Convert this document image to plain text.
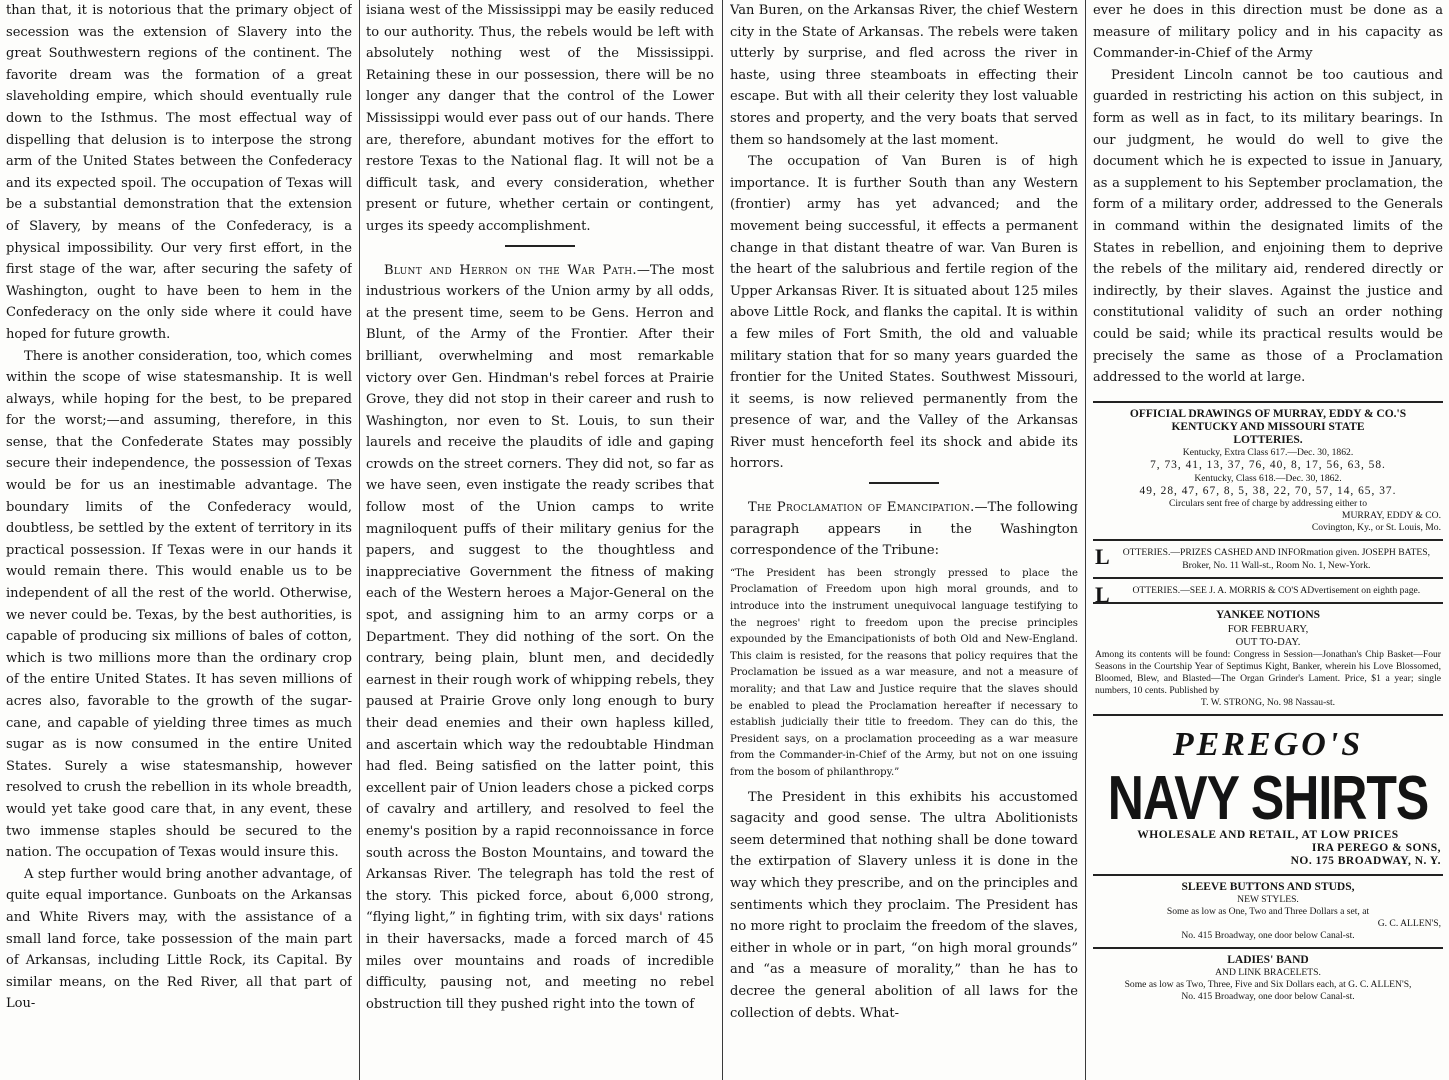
than that, it is notorious that the primary object of secession was the extension of Slavery into the great Southwestern regions of the continent. The favorite dream was the formation of a great slaveholding empire, which should eventually rule down to the Isthmus. The most effectual way of dispelling that delusion is to interpose the strong arm of the United States between the Confederacy and its expected spoil. The occupation of Texas will be a substantial demonstration that the extension of Slavery, by means of the Confederacy, is a physical impossibility. Our very first effort, in the first stage of the war, after securing the safety of Washington, ought to have been to hem in the Confederacy on the only side where it could have hoped for future growth.

There is another consideration, too, which comes within the scope of wise statesmanship. It is well always, while hoping for the best, to be prepared for the worst;—and assuming, therefore, in this sense, that the Confederate States may possibly secure their independence, the possession of Texas would be for us an inestimable advantage. The boundary limits of the Confederacy would, doubtless, be settled by the extent of territory in its practical possession. If Texas were in our hands it would remain there. This would enable us to be independent of all the rest of the world. Otherwise, we never could be. Texas, by the best authorities, is capable of producing six millions of bales of cotton, which is two millions more than the ordinary crop of the entire United States. It has seven millions of acres also, favorable to the growth of the sugar-cane, and capable of yielding three times as much sugar as is now consumed in the entire United States. Surely a wise statesmanship, however resolved to crush the rebellion in its whole breadth, would yet take good care that, in any event, these two immense staples should be secured to the nation. The occupation of Texas would insure this.

A step further would bring another advantage, of quite equal importance. Gunboats on the Arkansas and White Rivers may, with the assistance of a small land force, take possession of the main part of Arkansas, including Little Rock, its Capital. By similar means, on the Red River, all that part of Lou-

isiana west of the Mississippi may be easily reduced to our authority. Thus, the rebels would be left with absolutely nothing west of the Mississippi. Retaining these in our possession, there will be no longer any danger that the control of the Lower Mississippi would ever pass out of our hands. There are, therefore, abundant motives for the effort to restore Texas to the National flag. It will not be a difficult task, and every consideration, whether present or future, whether certain or contingent, urges its speedy accomplishment.

Blunt and Herron on the War Path.—The most industrious workers of the Union army by all odds, at the present time, seem to be Gens. Herron and Blunt, of the Army of the Frontier. After their brilliant, overwhelming and most remarkable victory over Gen. Hindman's rebel forces at Prairie Grove, they did not stop in their career and rush to Washington, nor even to St. Louis, to sun their laurels and receive the plaudits of idle and gaping crowds on the street corners. They did not, so far as we have seen, even instigate the ready scribes that follow most of the Union camps to write magniloquent puffs of their military genius for the papers, and suggest to the thoughtless and inappreciative Government the fitness of making each of the Western heroes a Major-General on the spot, and assigning him to an army corps or a Department. They did nothing of the sort. On the contrary, being plain, blunt men, and decidedly earnest in their rough work of whipping rebels, they paused at Prairie Grove only long enough to bury their dead enemies and their own hapless killed, and ascertain which way the redoubtable Hindman had fled. Being satisfied on the latter point, this excellent pair of Union leaders chose a picked corps of cavalry and artillery, and resolved to feel the enemy's position by a rapid reconnoissance in force south across the Boston Mountains, and toward the Arkansas River. The telegraph has told the rest of the story. This picked force, about 6,000 strong, “flying light,” in fighting trim, with six days' rations in their haversacks, made a forced march of 45 miles over mountains and roads of incredible difficulty, pausing not, and meeting no rebel obstruction till they pushed right into the town of

Van Buren, on the Arkansas River, the chief Western city in the State of Arkansas. The rebels were taken utterly by surprise, and fled across the river in haste, using three steamboats in effecting their escape. But with all their celerity they lost valuable stores and property, and the very boats that served them so handsomely at the last moment.

The occupation of Van Buren is of high importance. It is further South than any Western (frontier) army has yet advanced; and the movement being successful, it effects a permanent change in that distant theatre of war. Van Buren is the heart of the salubrious and fertile region of the Upper Arkansas River. It is situated about 125 miles above Little Rock, and flanks the capital. It is within a few miles of Fort Smith, the old and valuable military station that for so many years guarded the frontier for the United States. Southwest Missouri, it seems, is now relieved permanently from the presence of war, and the Valley of the Arkansas River must henceforth feel its shock and abide its horrors.

The Proclamation of Emancipation.—The following paragraph appears in the Washington correspondence of the Tribune:

“The President has been strongly pressed to place the Proclamation of Freedom upon high moral grounds, and to introduce into the instrument unequivocal language testifying to the negroes' right to freedom upon the precise principles expounded by the Emancipationists of both Old and New-England. This claim is resisted, for the reasons that policy requires that the Proclamation be issued as a war measure, and not a measure of morality; and that Law and Justice require that the slaves should be enabled to plead the Proclamation hereafter if necessary to establish judicially their title to freedom. They can do this, the President says, on a proclamation proceeding as a war measure from the Commander-in-Chief of the Army, but not on one issuing from the bosom of philanthropy.”

The President in this exhibits his accustomed sagacity and good sense. The ultra Abolitionists seem determined that nothing shall be done toward the extirpation of Slavery unless it is done in the way which they prescribe, and on the principles and sentiments which they proclaim. The President has no more right to proclaim the freedom of the slaves, either in whole or in part, “on high moral grounds” and “as a measure of morality,” than he has to decree the general abolition of all laws for the collection of debts. What-

ever he does in this direction must be done as a measure of military policy and in his capacity as Commander-in-Chief of the Army

President Lincoln cannot be too cautious and guarded in restricting his action on this subject, in form as well as in fact, to its military bearings. In our judgment, he would do well to give the document which he is expected to issue in January, as a supplement to his September proclamation, the form of a military order, addressed to the Generals in command within the designated limits of the States in rebellion, and enjoining them to deprive the rebels of the military aid, rendered directly or indirectly, by their slaves. Against the justice and constitutional validity of such an order nothing could be said; while its practical results would be precisely the same as those of a Proclamation addressed to the world at large.

OFFICIAL DRAWINGS OF MURRAY, EDDY & CO.'S
KENTUCKY AND MISSOURI STATE
LOTTERIES.
Kentucky, Extra Class 617.—Dec. 30, 1862.
7, 73, 41, 13, 37, 76, 40, 8, 17, 56, 63, 58.
Kentucky, Class 618.—Dec. 30, 1862.
49, 28, 47, 67, 8, 5, 38, 22, 70, 57, 14, 65, 37.
Circulars sent free of charge by addressing either to
MURRAY, EDDY & CO.
Covington, Ky., or St. Louis, Mo.
L OTTERIES.—PRIZES CASHED AND INFORmation given. JOSEPH BATES, Broker, No. 11 Wall-st., Room No. 1, New-York.
L OTTERIES.—SEE J. A. MORRIS & CO'S ADvertisement on eighth page.
YANKEE NOTIONS
FOR FEBRUARY,
OUT TO-DAY.
Among its contents will be found: Congress in Session—Jonathan's Chip Basket—Four Seasons in the Courtship Year of Septimus Kight, Banker, wherein his Love Blossomed, Bloomed, Blew, and Blasted—The Organ Grinder's Lament. Price, $1 a year; single numbers, 10 cents. Published by
T. W. STRONG, No. 98 Nassau-st.
PEREGO'S
NAVY SHIRTS
WHOLESALE AND RETAIL, AT LOW PRICES
IRA PEREGO & SONS,
NO. 175 BROADWAY, N. Y.
SLEEVE BUTTONS AND STUDS,
NEW STYLES.
Some as low as One, Two and Three Dollars a set, at
G. C. ALLEN'S,
No. 415 Broadway, one door below Canal-st.
LADIES' BAND
AND LINK BRACELETS.
Some as low as Two, Three, Five and Six Dollars each, at G. C. ALLEN'S,
No. 415 Broadway, one door below Canal-st.
